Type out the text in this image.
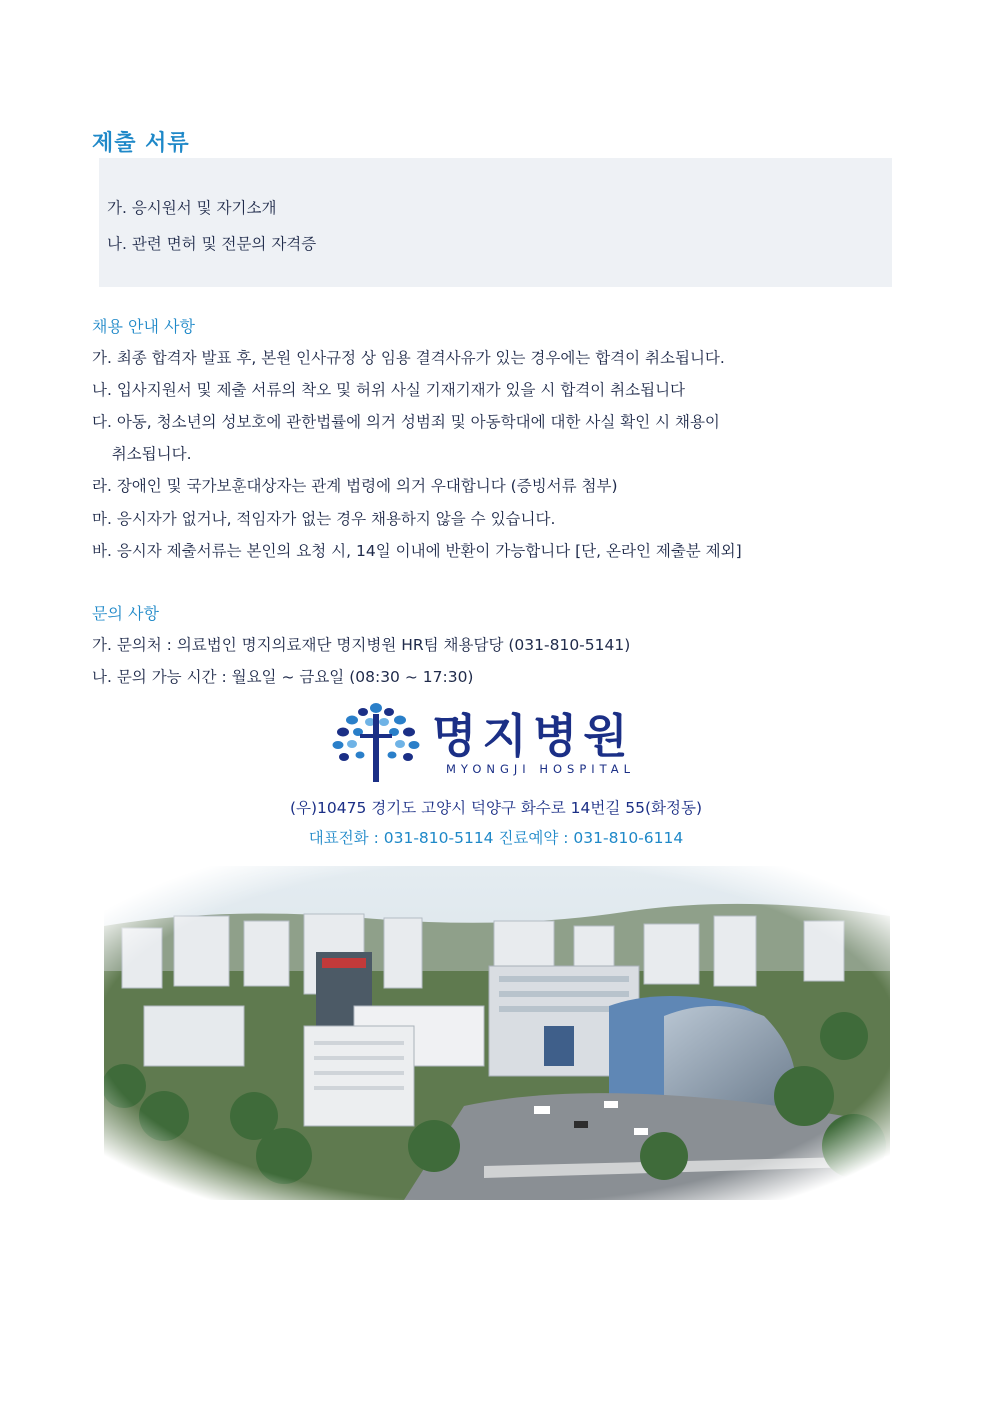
제출 서류
가. 응시원서 및 자기소개
나. 관련 면허 및 전문의 자격증
채용 안내 사항
가. 최종 합격자 발표 후, 본원 인사규정 상 임용 결격사유가 있는 경우에는 합격이 취소됩니다.
나. 입사지원서 및 제출 서류의 착오 및 허위 사실 기재기재가 있을 시 합격이 취소됩니다
다. 아동, 청소년의 성보호에 관한법률에 의거 성범죄 및 아동학대에 대한 사실 확인 시 채용이
취소됩니다.
라. 장애인 및 국가보훈대상자는 관계 법령에 의거 우대합니다 (증빙서류 첨부)
마. 응시자가 없거나, 적임자가 없는 경우 채용하지 않을 수 있습니다.
바. 응시자 제출서류는 본인의 요청 시, 14일 이내에 반환이 가능합니다 [단, 온라인 제출분 제외]
문의 사항
가. 문의처 : 의료법인 명지의료재단 명지병원 HR팀 채용담당 (031-810-5141)
나. 문의 가능 시간 : 월요일 ~ 금요일 (08:30 ~ 17:30)
명지병원
MYONGJI HOSPITAL
(우)10475 경기도 고양시 덕양구 화수로 14번길 55(화정동)
대표전화 : 031-810-5114 진료예약 : 031-810-6114
